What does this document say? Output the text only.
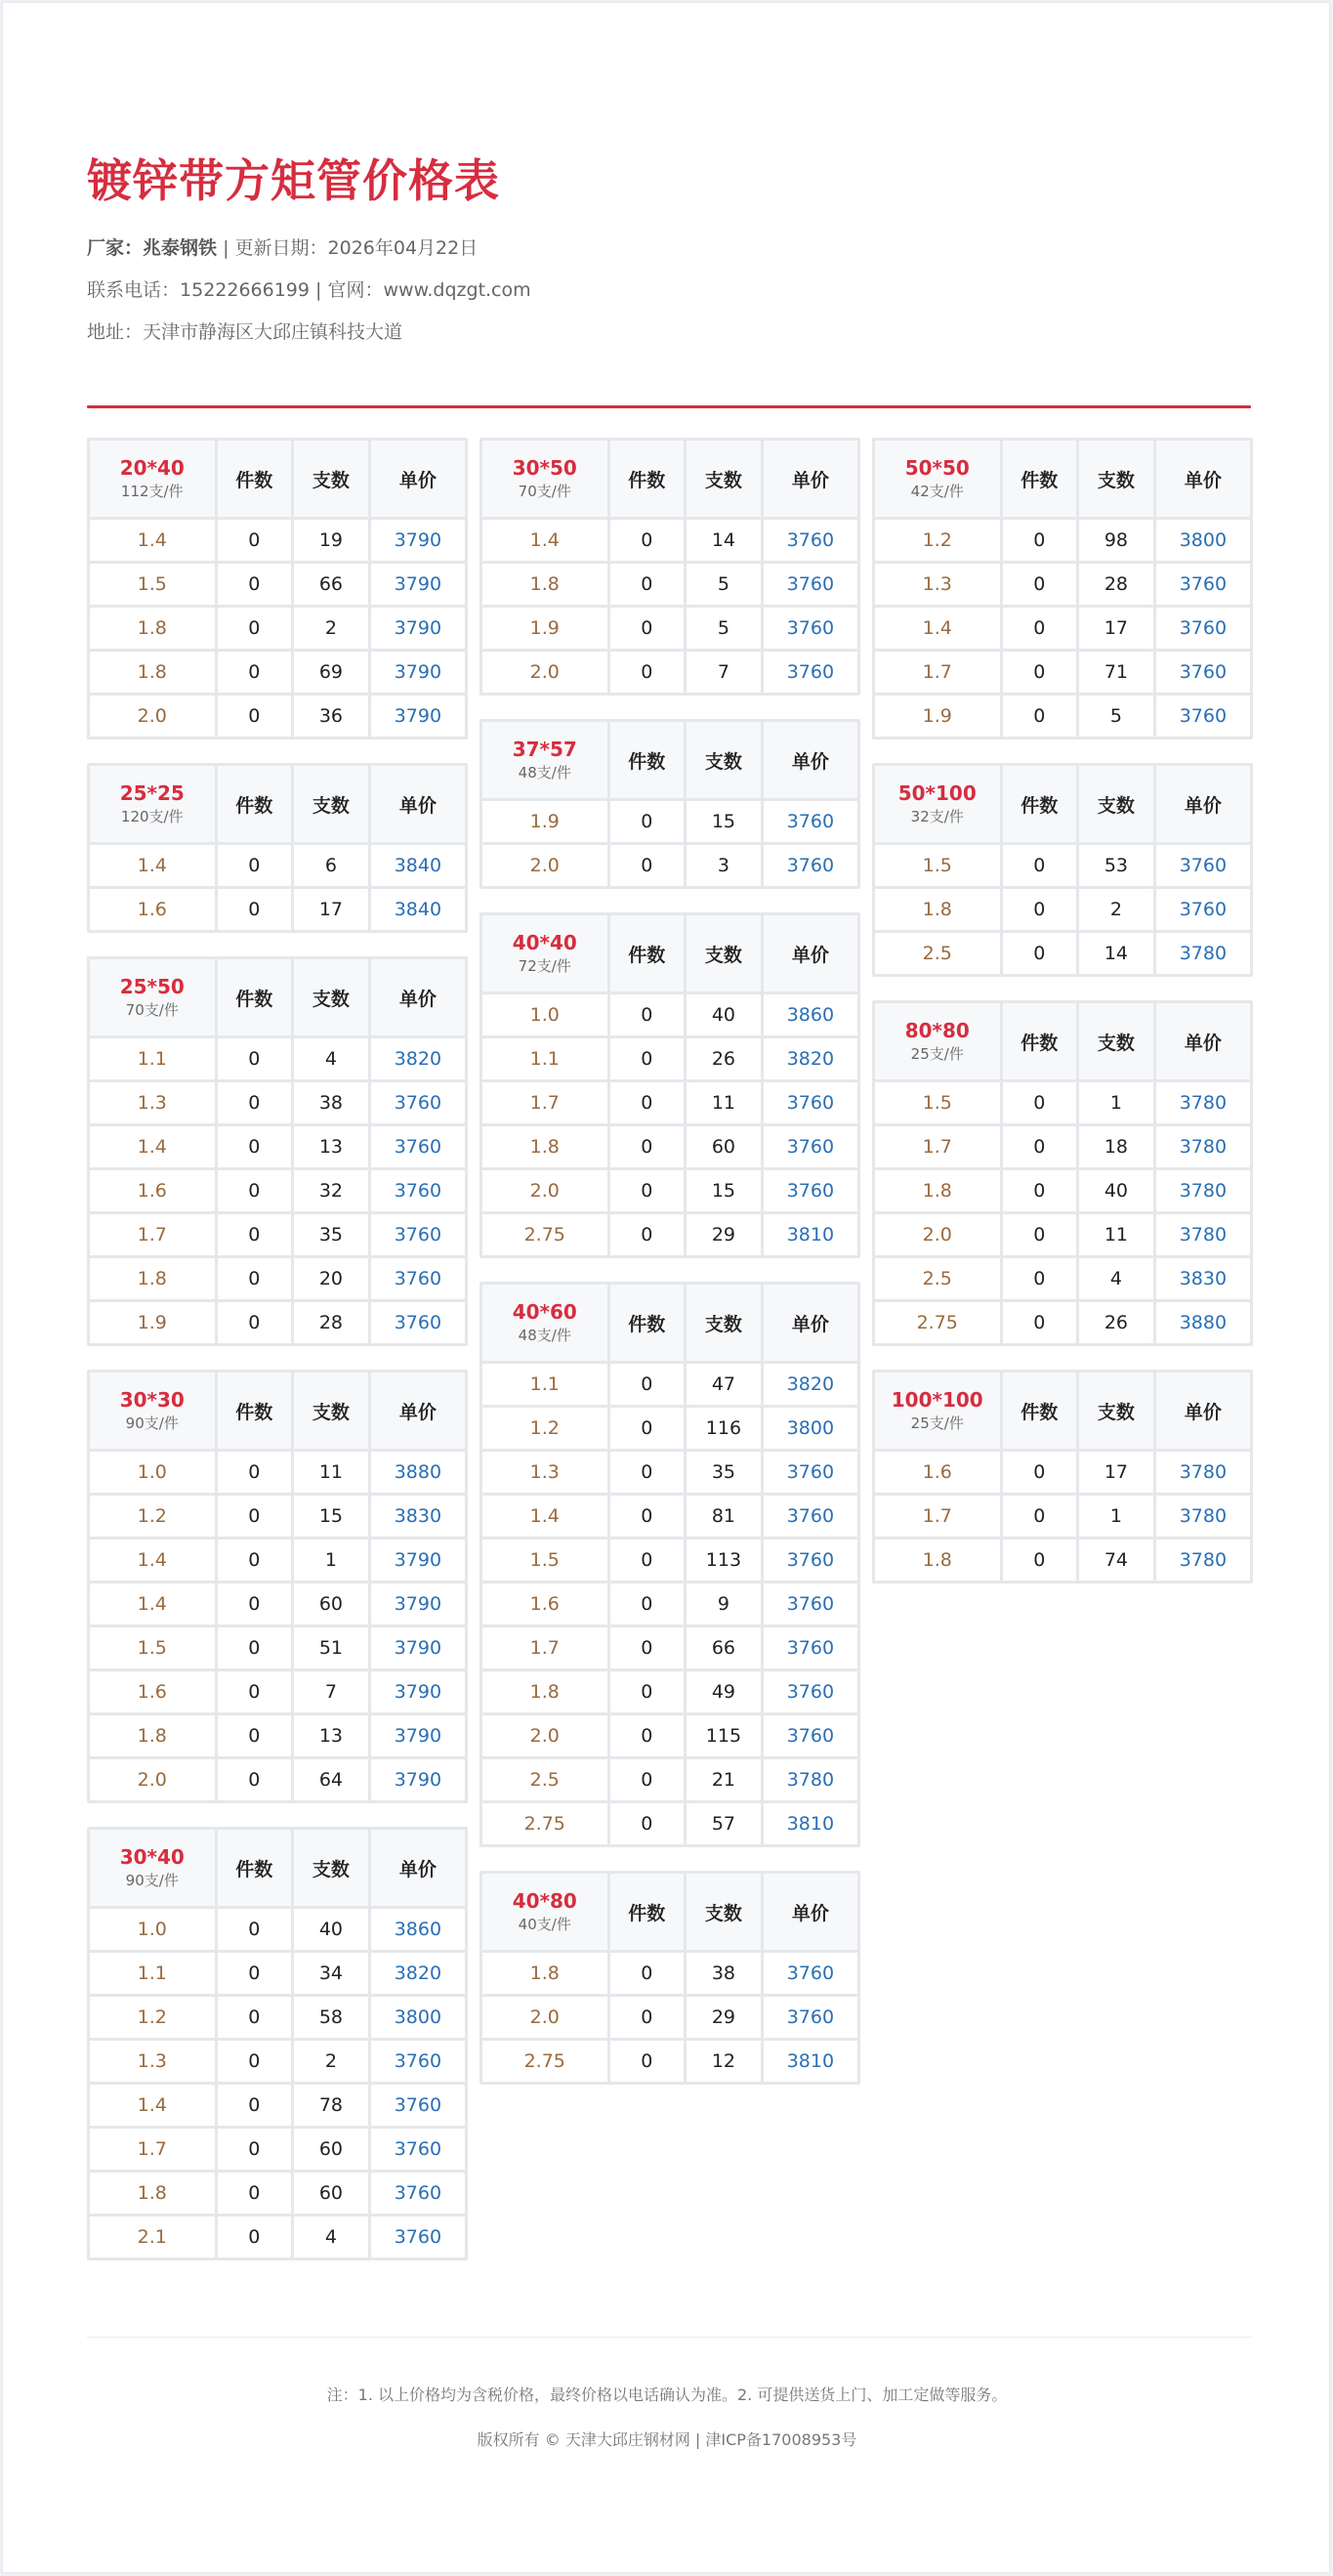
镀锌带方矩管价格表

厂家：兆泰钢铁 | 更新日期：2026年04月22日

联系电话：15222666199 | 官网：www.dqzgt.com

地址：天津市静海区大邱庄镇科技大道

20*40
112支/件	件数	支数	单价
1.4	0	19	3790
1.5	0	66	3790
1.8	0	2	3790
1.8	0	69	3790
2.0	0	36	3790
25*25
120支/件	件数	支数	单价
1.4	0	6	3840
1.6	0	17	3840
25*50
70支/件	件数	支数	单价
1.1	0	4	3820
1.3	0	38	3760
1.4	0	13	3760
1.6	0	32	3760
1.7	0	35	3760
1.8	0	20	3760
1.9	0	28	3760
30*30
90支/件	件数	支数	单价
1.0	0	11	3880
1.2	0	15	3830
1.4	0	1	3790
1.4	0	60	3790
1.5	0	51	3790
1.6	0	7	3790
1.8	0	13	3790
2.0	0	64	3790
30*40
90支/件	件数	支数	单价
1.0	0	40	3860
1.1	0	34	3820
1.2	0	58	3800
1.3	0	2	3760
1.4	0	78	3760
1.7	0	60	3760
1.8	0	60	3760
2.1	0	4	3760
30*50
70支/件	件数	支数	单价
1.4	0	14	3760
1.8	0	5	3760
1.9	0	5	3760
2.0	0	7	3760
37*57
48支/件	件数	支数	单价
1.9	0	15	3760
2.0	0	3	3760
40*40
72支/件	件数	支数	单价
1.0	0	40	3860
1.1	0	26	3820
1.7	0	11	3760
1.8	0	60	3760
2.0	0	15	3760
2.75	0	29	3810
40*60
48支/件	件数	支数	单价
1.1	0	47	3820
1.2	0	116	3800
1.3	0	35	3760
1.4	0	81	3760
1.5	0	113	3760
1.6	0	9	3760
1.7	0	66	3760
1.8	0	49	3760
2.0	0	115	3760
2.5	0	21	3780
2.75	0	57	3810
40*80
40支/件	件数	支数	单价
1.8	0	38	3760
2.0	0	29	3760
2.75	0	12	3810
50*50
42支/件	件数	支数	单价
1.2	0	98	3800
1.3	0	28	3760
1.4	0	17	3760
1.7	0	71	3760
1.9	0	5	3760
50*100
32支/件	件数	支数	单价
1.5	0	53	3760
1.8	0	2	3760
2.5	0	14	3780
80*80
25支/件	件数	支数	单价
1.5	0	1	3780
1.7	0	18	3780
1.8	0	40	3780
2.0	0	11	3780
2.5	0	4	3830
2.75	0	26	3880
100*100
25支/件	件数	支数	单价
1.6	0	17	3780
1.7	0	1	3780
1.8	0	74	3780

注：1. 以上价格均为含税价格，最终价格以电话确认为准。2. 可提供送货上门、加工定做等服务。

版权所有 © 天津大邱庄钢材网 | 津ICP备17008953号
